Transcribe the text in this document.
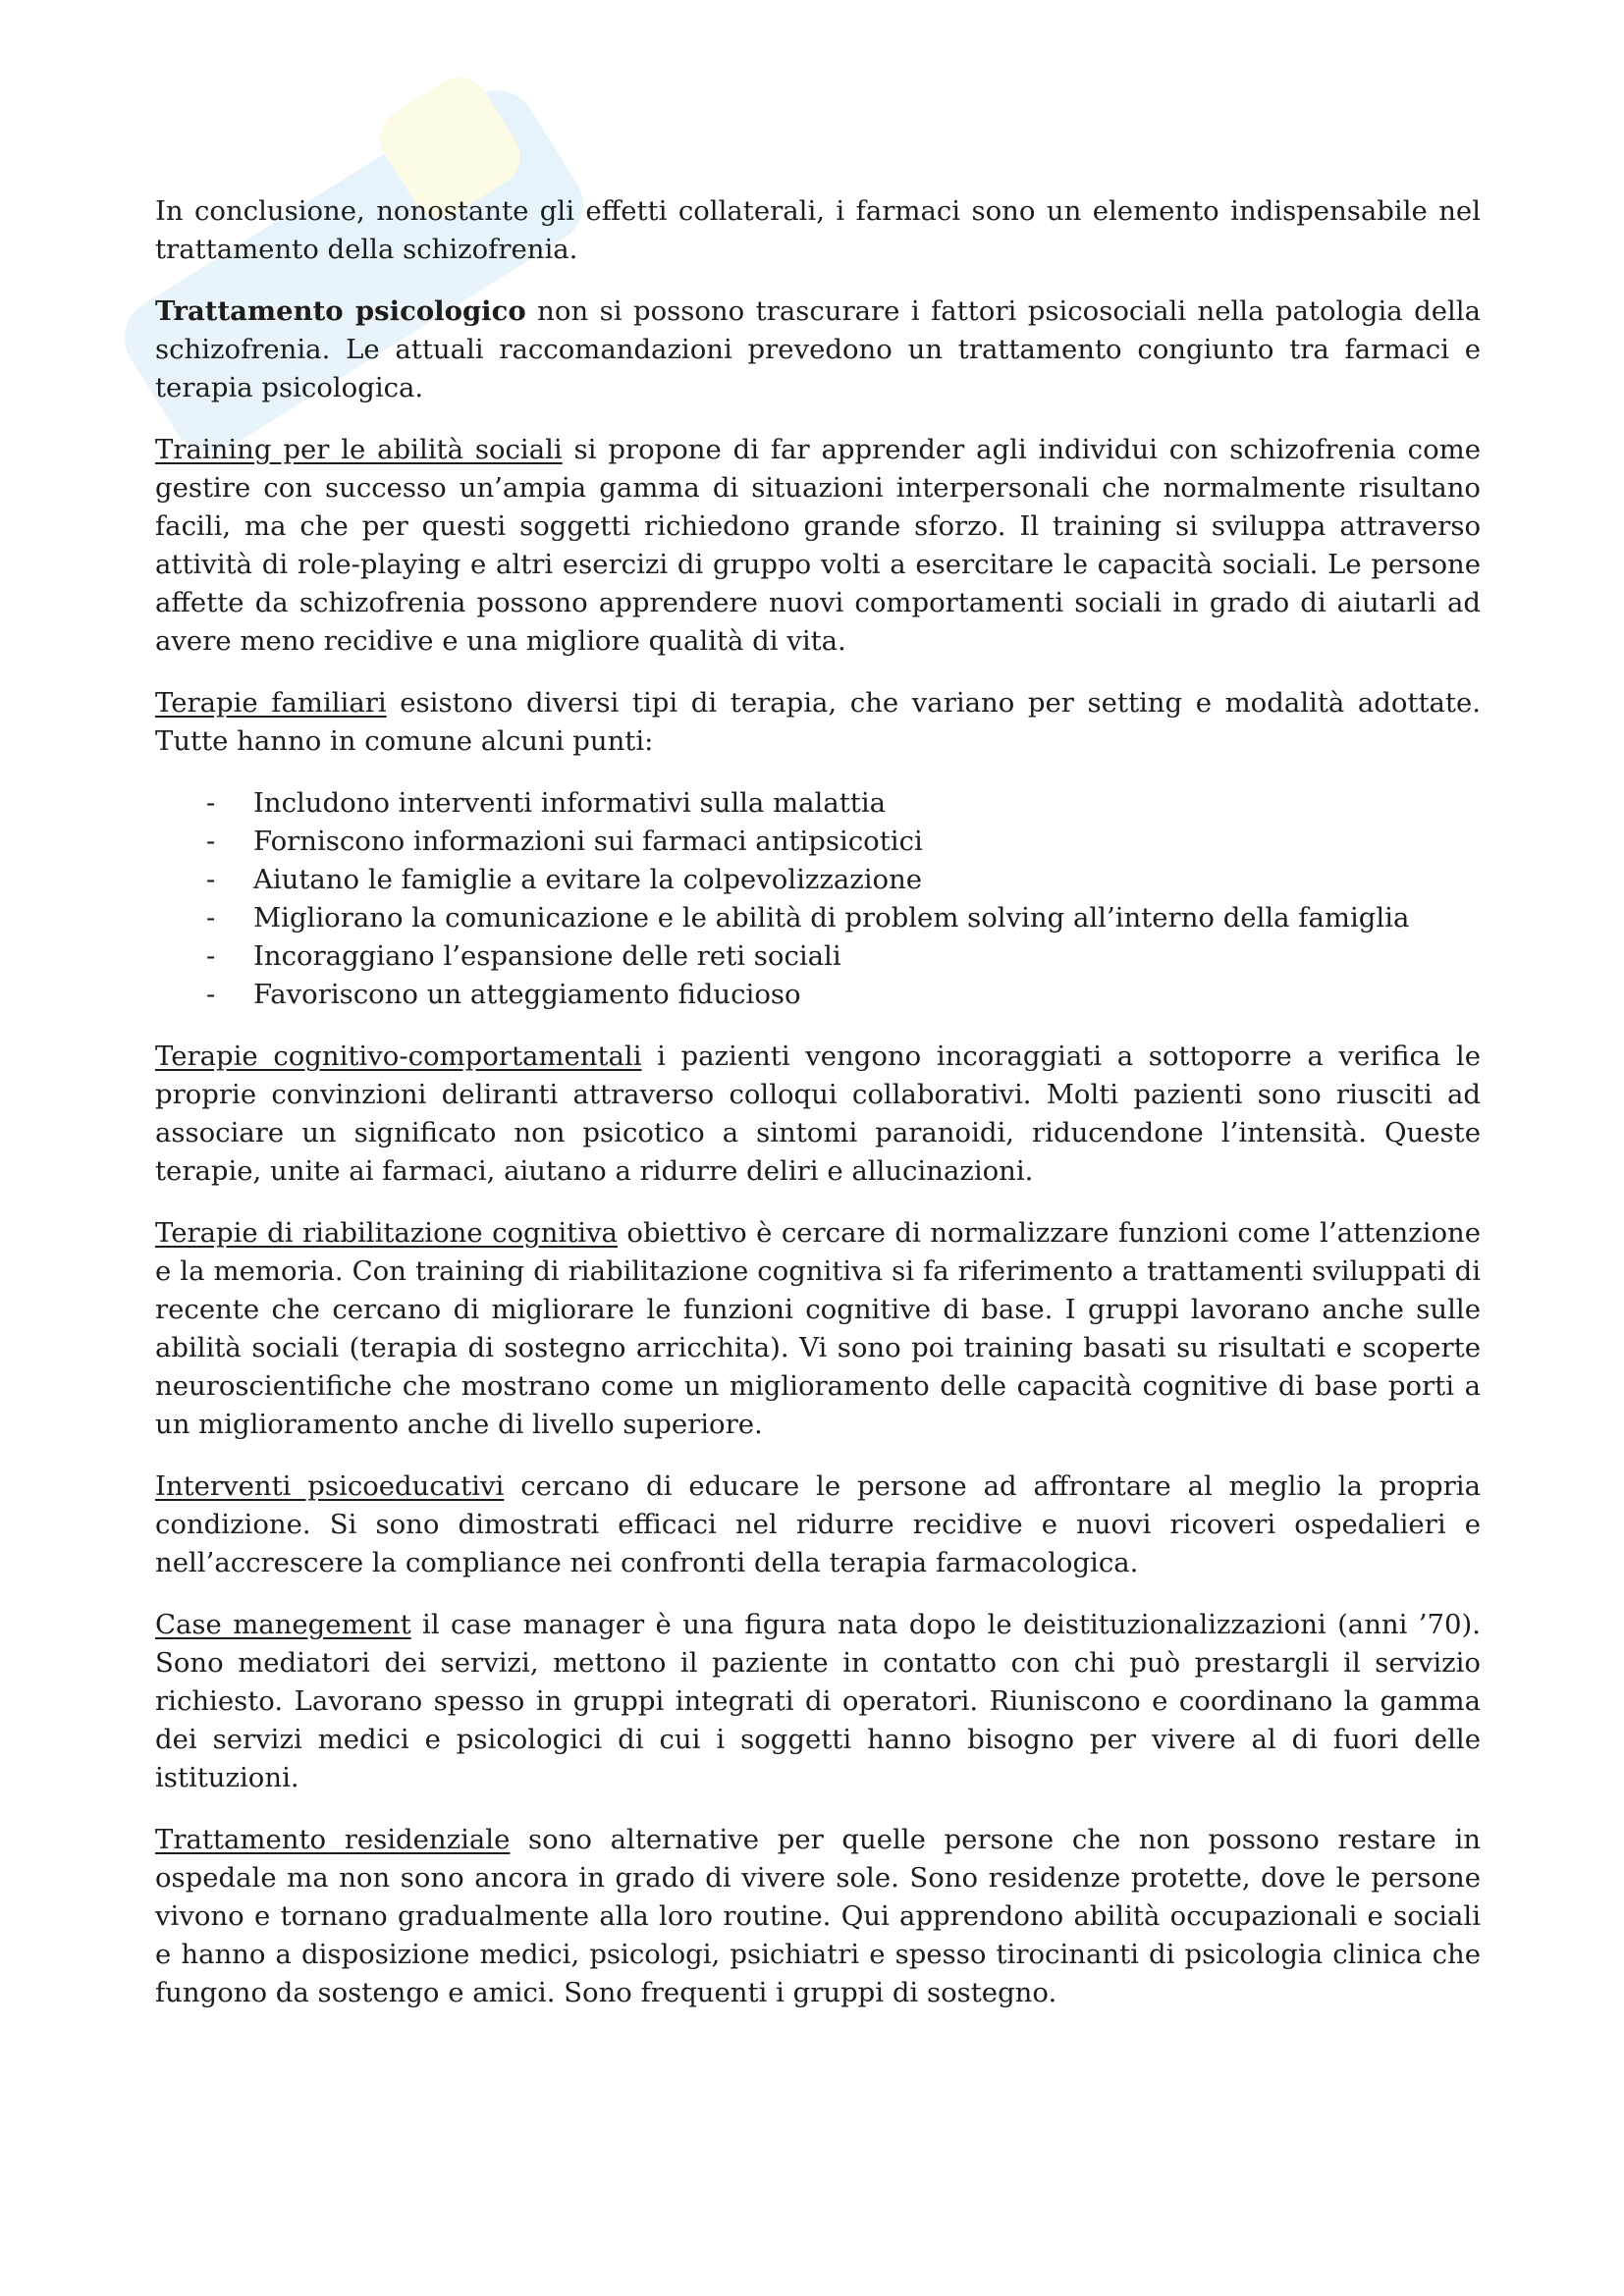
In conclusione, nonostante gli effetti collaterali, i farmaci sono un elemento indispensabile nel trattamento della schizofrenia.

Trattamento psicologico non si possono trascurare i fattori psicosociali nella patologia della schizofrenia. Le attuali raccomandazioni prevedono un trattamento congiunto tra farmaci e terapia psicologica.

Training per le abilità sociali si propone di far apprender agli individui con schizofrenia come gestire con successo un’ampia gamma di situazioni interpersonali che normalmente risultano facili, ma che per questi soggetti richiedono grande sforzo. Il training si sviluppa attraverso attività di role-playing e altri esercizi di gruppo volti a esercitare le capacità sociali. Le persone affette da schizofrenia possono apprendere nuovi comportamenti sociali in grado di aiutarli ad avere meno recidive e una migliore qualità di vita.

Terapie familiari esistono diversi tipi di terapia, che variano per setting e modalità adottate. Tutte hanno in comune alcuni punti:

- Includono interventi informativi sulla malattia
- Forniscono informazioni sui farmaci antipsicotici
- Aiutano le famiglie a evitare la colpevolizzazione
- Migliorano la comunicazione e le abilità di problem solving all’interno della famiglia
- Incoraggiano l’espansione delle reti sociali
- Favoriscono un atteggiamento fiducioso

Terapie cognitivo-comportamentali i pazienti vengono incoraggiati a sottoporre a verifica le proprie convinzioni deliranti attraverso colloqui collaborativi. Molti pazienti sono riusciti ad associare un significato non psicotico a sintomi paranoidi, riducendone l’intensità. Queste terapie, unite ai farmaci, aiutano a ridurre deliri e allucinazioni.

Terapie di riabilitazione cognitiva obiettivo è cercare di normalizzare funzioni come l’attenzione e la memoria. Con training di riabilitazione cognitiva si fa riferimento a trattamenti sviluppati di recente che cercano di migliorare le funzioni cognitive di base. I gruppi lavorano anche sulle abilità sociali (terapia di sostegno arricchita). Vi sono poi training basati su risultati e scoperte neuroscientifiche che mostrano come un miglioramento delle capacità cognitive di base porti a un miglioramento anche di livello superiore.

Interventi psicoeducativi cercano di educare le persone ad affrontare al meglio la propria condizione. Si sono dimostrati efficaci nel ridurre recidive e nuovi ricoveri ospedalieri e nell’accrescere la compliance nei confronti della terapia farmacologica.

Case manegement il case manager è una figura nata dopo le deistituzionalizzazioni (anni ’70). Sono mediatori dei servizi, mettono il paziente in contatto con chi può prestargli il servizio richiesto. Lavorano spesso in gruppi integrati di operatori. Riuniscono e coordinano la gamma dei servizi medici e psicologici di cui i soggetti hanno bisogno per vivere al di fuori delle istituzioni.

Trattamento residenziale sono alternative per quelle persone che non possono restare in ospedale ma non sono ancora in grado di vivere sole. Sono residenze protette, dove le persone vivono e tornano gradualmente alla loro routine. Qui apprendono abilità occupazionali e sociali e hanno a disposizione medici, psicologi, psichiatri e spesso tirocinanti di psicologia clinica che fungono da sostengo e amici. Sono frequenti i gruppi di sostegno.
